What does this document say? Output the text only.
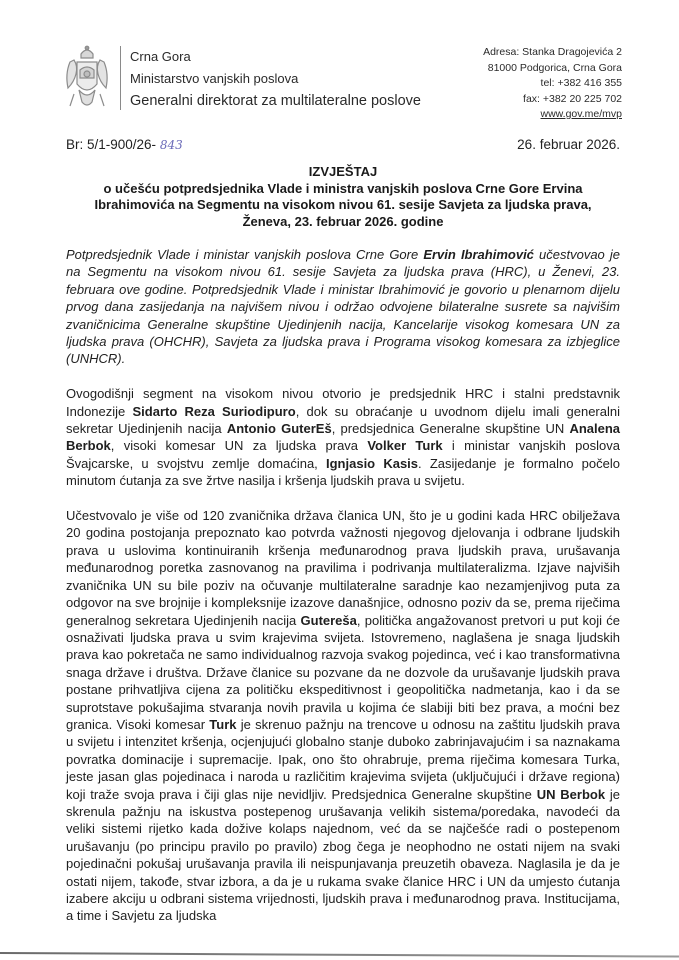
Crna Gora
Ministarstvo vanjskih poslova
Generalni direktorat za multilateralne poslove
Adresa: Stanka Dragojevića 2
81000 Podgorica, Crna Gora
tel: +382 416 355
fax: +382 20 225 702
www.gov.me/mvp
Br: 5/1-900/26- 843	26. februar 2026.
IZVJEŠTAJ
o učešću potpredsjednika Vlade i ministra vanjskih poslova Crne Gore Ervina
Ibrahimovića na Segmentu na visokom nivou 61. sesije Savjeta za ljudska prava,
Ženeva, 23. februar 2026. godine

Potpredsjednik Vlade i ministar vanjskih poslova Crne Gore Ervin Ibrahimović učestvovao je na Segmentu na visokom nivou 61. sesije Savjeta za ljudska prava (HRC), u Ženevi, 23. februara ove godine. Potpredsjednik Vlade i ministar Ibrahimović je govorio u plenarnom dijelu prvog dana zasijedanja na najvišem nivou i održao odvojene bilateralne susrete sa najvišim zvaničnicima Generalne skupštine Ujedinjenih nacija, Kancelarije visokog komesara UN za ljudska prava (OHCHR), Savjeta za ljudska prava i Programa visokog komesara za izbjeglice (UNHCR).

Ovogodišnji segment na visokom nivou otvorio je predsjednik HRC i stalni predstavnik Indonezije Sidarto Reza Suriodipuro, dok su obraćanje u uvodnom dijelu imali generalni sekretar Ujedinjenih nacija Antonio GuterEš, predsjednica Generalne skupštine UN Analena Berbok, visoki komesar UN za ljudska prava Volker Turk i ministar vanjskih poslova Švajcarske, u svojstvu zemlje domaćina, Ignjasio Kasis. Zasijedanje je formalno počelo minutom ćutanja za sve žrtve nasilja i kršenja ljudskih prava u svijetu.

Učestvovalo je više od 120 zvaničnika država članica UN, što je u godini kada HRC obilježava 20 godina postojanja prepoznato kao potvrda važnosti njegovog djelovanja i odbrane ljudskih prava u uslovima kontinuiranih kršenja međunarodnog prava ljudskih prava, urušavanja međunarodnog poretka zasnovanog na pravilima i podrivanja multilateralizma. Izjave najviših zvaničnika UN su bile poziv na očuvanje multilateralne saradnje kao nezamjenjivog puta za odgovor na sve brojnije i kompleksnije izazove današnjice, odnosno poziv da se, prema riječima generalnog sekretara Ujedinjenih nacija Gutereša, politička angažovanost pretvori u put koji će osnaživati ljudska prava u svim krajevima svijeta. Istovremeno, naglašena je snaga ljudskih prava kao pokretača ne samo individualnog razvoja svakog pojedinca, već i kao transformativna snaga države i društva. Države članice su pozvane da ne dozvole da urušavanje ljudskih prava postane prihvatljiva cijena za političku ekspeditivnost i geopolitička nadmetanja, kao i da se suprotstave pokušajima stvaranja novih pravila u kojima će slabiji biti bez prava, a moćni bez granica. Visoki komesar Turk je skrenuo pažnju na trencove u odnosu na zaštitu ljudskih prava u svijetu i intenzitet kršenja, ocjenjujući globalno stanje duboko zabrinjavajućim i sa naznakama povratka dominacije i supremacije. Ipak, ono što ohrabruje, prema riječima komesara Turka, jeste jasan glas pojedinaca i naroda u različitim krajevima svijeta (uključujući i države regiona) koji traže svoja prava i čiji glas nije nevidljiv. Predsjednica Generalne skupštine UN Berbok je skrenula pažnju na iskustva postepenog urušavanja velikih sistema/poredaka, navodeći da veliki sistemi rijetko kada dožive kolaps najednom, već da se najčešće radi o postepenom urušavanju (po principu pravilo po pravilo) zbog čega je neophodno ne ostati nijem na svaki pojedinačni pokušaj urušavanja pravila ili neispunjavanja preuzetih obaveza. Naglasila je da je ostati nijem, takođe, stvar izbora, a da je u rukama svake članice HRC i UN da umjesto ćutanja izabere akciju u odbrani sistema vrijednosti, ljudskih prava i međunarodnog prava. Institucijama, a time i Savjetu za ljudska
